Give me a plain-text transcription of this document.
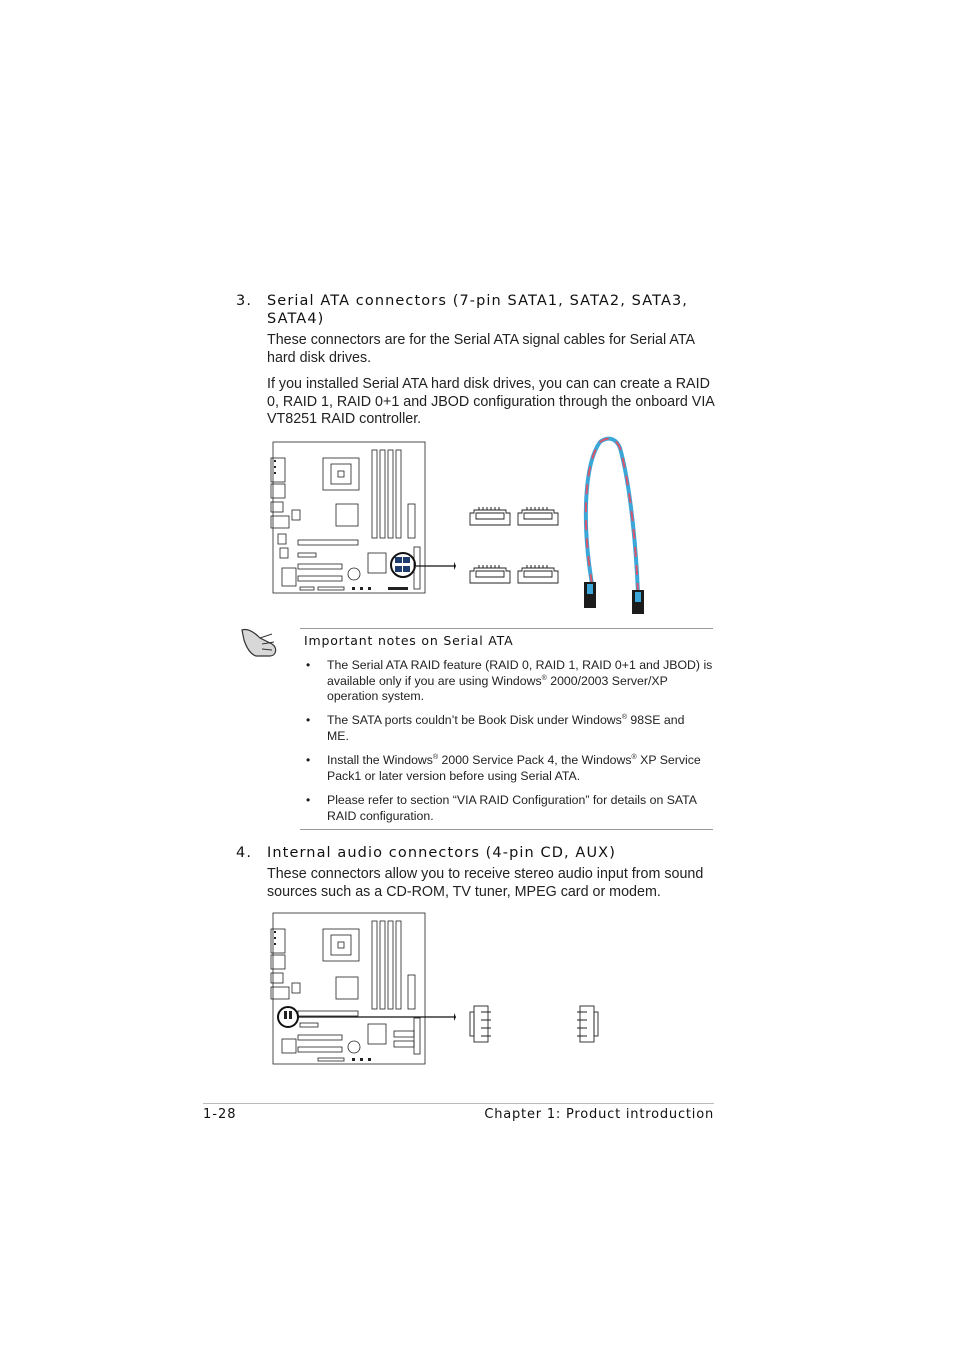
3. Serial ATA connectors (7-pin SATA1, SATA2, SATA3,
SATA4)
These connectors are for the Serial ATA signal cables for Serial ATA
hard disk drives.
If you installed Serial ATA hard disk drives, you can can create a RAID
0, RAID 1, RAID 0+1 and JBOD configuration through the onboard VIA
VT8251 RAID controller.
Important notes on Serial ATA
• The Serial ATA RAID feature (RAID 0, RAID 1, RAID 0+1 and JBOD) is
available only if you are using Windows® 2000/2003 Server/XP
operation system.
• The SATA ports couldn’t be Book Disk under Windows® 98SE and
ME.
• Install the Windows® 2000 Service Pack 4, the Windows® XP Service
Pack1 or later version before using Serial ATA.
• Please refer to section “VIA RAID Configuration” for details on SATA
RAID configuration.
4. Internal audio connectors (4-pin CD, AUX)
These connectors allow you to receive stereo audio input from sound
sources such as a CD-ROM, TV tuner, MPEG card or modem.
1-28	Chapter 1: Product introduction
